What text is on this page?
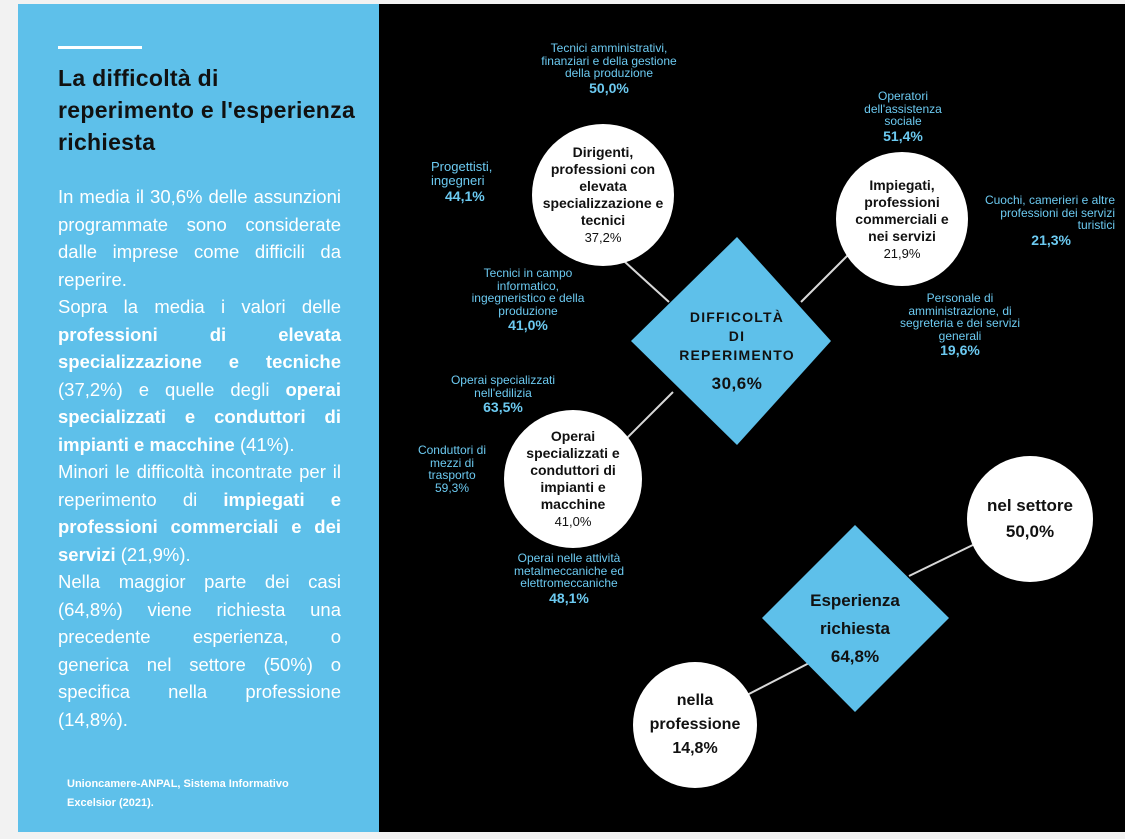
La difficoltà di reperimento e l'esperienza richiesta

In media il 30,6% delle assunzioni programmate sono considerate dalle imprese come difficili da reperire.

Sopra la media i valori delle professioni di elevata specializzazione e tecniche (37,2%) e quelle degli operai specializzati e conduttori di impianti e macchine (41%).

Minori le difficoltà incontrate per il reperimento di impiegati e professioni commerciali e dei servizi (21,9%).

Nella maggior parte dei casi (64,8%) viene richiesta una precedente esperienza, o generica nel settore (50%) o specifica nella professione (14,8%).

Unioncamere-ANPAL, Sistema Informativo Excelsior (2021).
DIFFICOLTÀ
DI
REPERIMENTO
30,6%
Esperienza
richiesta
64,8%
Dirigenti, professioni con elevata specializzazione e tecnici
37,2%
Impiegati, professioni commerciali e nei servizi
21,9%
Operai specializzati e conduttori di impianti e macchine
41,0%
nel settore
50,0%
nella professione
14,8%
Tecnici amministrativi, finanziari e della gestione della produzione
50,0%
Progettisti, ingegneri
44,1%
Tecnici in campo informatico, ingegneristico e della produzione
41,0%
Operatori dell'assistenza sociale
51,4%
Cuochi, camerieri e altre professioni dei servizi turistici
21,3%
Personale di amministrazione, di segreteria e dei servizi generali
19,6%
Operai specializzati nell'edilizia
63,5%
Conduttori di mezzi di trasporto
59,3%
Operai nelle attività metalmeccaniche ed elettromeccaniche
48,1%
